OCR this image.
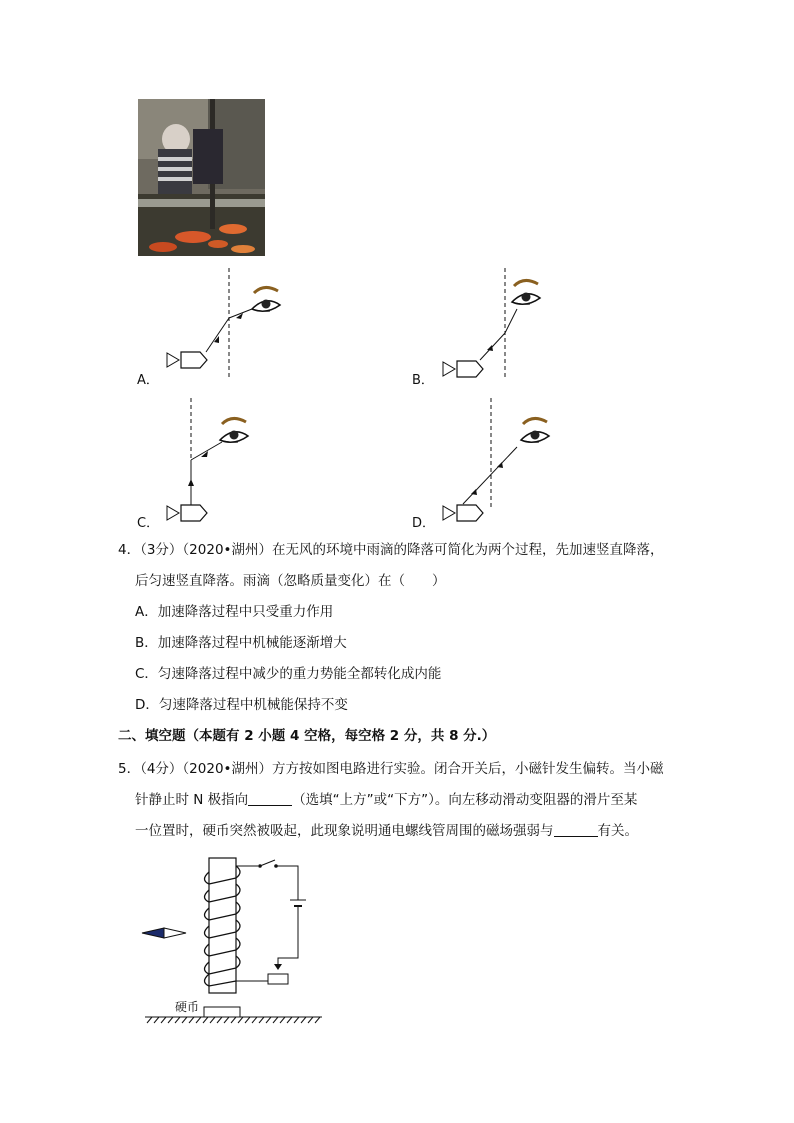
A．	B．
C．	D．
4．（3分）（2020•湖州）在无风的环境中雨滴的降落可简化为两个过程，先加速竖直降落，
后匀速竖直降落。雨滴（忽略质量变化）在（　　）
A．加速降落过程中只受重力作用
B．加速降落过程中机械能逐渐增大
C．匀速降落过程中减少的重力势能全都转化成内能
D．匀速降落过程中机械能保持不变
二、填空题（本题有 2 小题 4 空格，每空格 2 分，共 8 分.）
5．（4分）（2020•湖州）方方按如图电路进行实验。闭合开关后，小磁针发生偏转。当小磁
针静止时 N 极指向	（选填“上方”或“下方”）。向左移动滑动变阻器的滑片至某
一位置时，硬币突然被吸起，此现象说明通电螺线管周围的磁场强弱与	有关。
硬币
